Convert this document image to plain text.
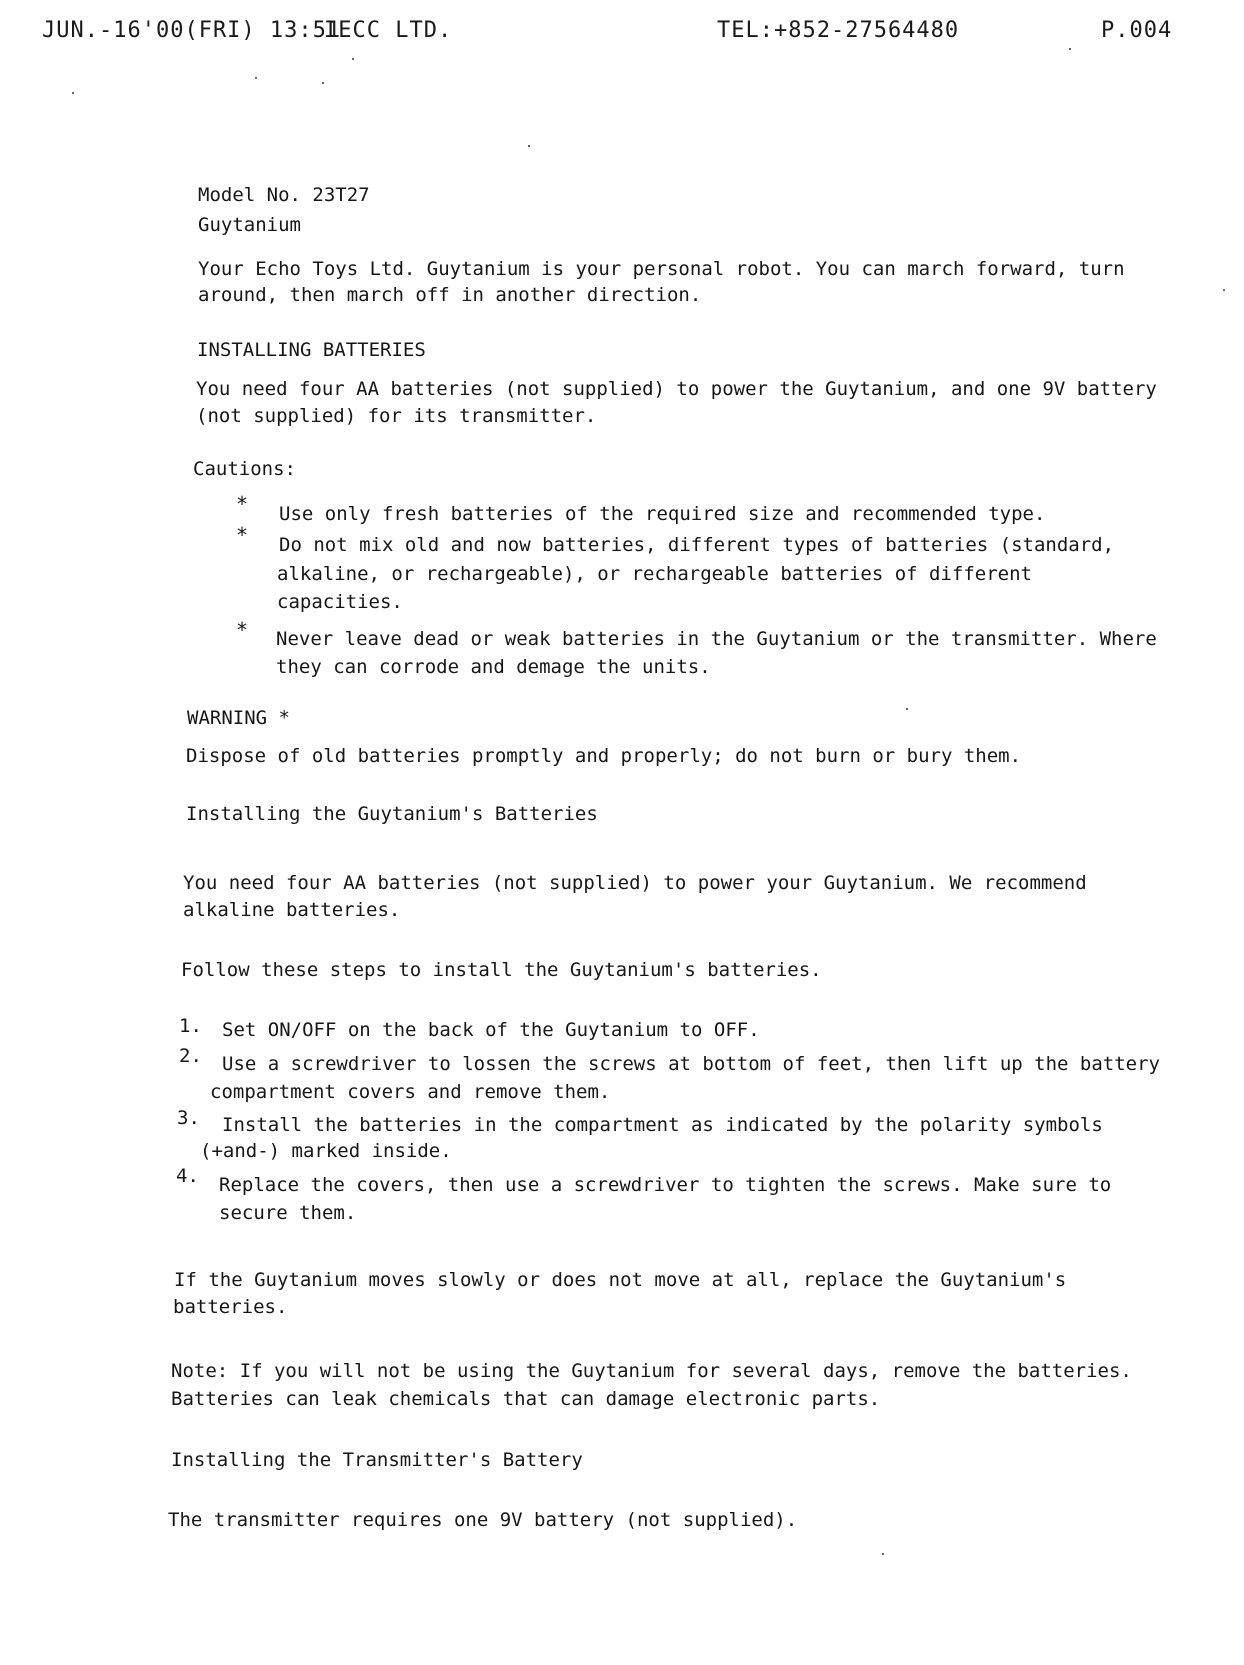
JUN.-16'00(FRI) 13:51
IECC LTD.	TEL:+852-27564480	P.004
Model No. 23T27
Guytanium
Your Echo Toys Ltd. Guytanium is your personal robot. You can march forward, turn
around, then march off in another direction.
INSTALLING BATTERIES
You need four AA batteries (not supplied) to power the Guytanium, and one 9V battery
(not supplied) for its transmitter.
Cautions:
* Use only fresh batteries of the required size and recommended type.
* Do not mix old and now batteries, different types of batteries (standard,
alkaline, or rechargeable), or rechargeable batteries of different
capacities.
* Never leave dead or weak batteries in the Guytanium or the transmitter. Where
they can corrode and demage the units.
WARNING *
Dispose of old batteries promptly and properly; do not burn or bury them.
Installing the Guytanium's Batteries
You need four AA batteries (not supplied) to power your Guytanium. We recommend
alkaline batteries.
Follow these steps to install the Guytanium's batteries.
1. Set ON/OFF on the back of the Guytanium to OFF.
2. Use a screwdriver to lossen the screws at bottom of feet, then lift up the battery
compartment covers and remove them.
3. Install the batteries in the compartment as indicated by the polarity symbols
(+and-) marked inside.
4. Replace the covers, then use a screwdriver to tighten the screws. Make sure to
secure them.
If the Guytanium moves slowly or does not move at all, replace the Guytanium's
batteries.
Note: If you will not be using the Guytanium for several days, remove the batteries.
Batteries can leak chemicals that can damage electronic parts.
Installing the Transmitter's Battery
The transmitter requires one 9V battery (not supplied).
